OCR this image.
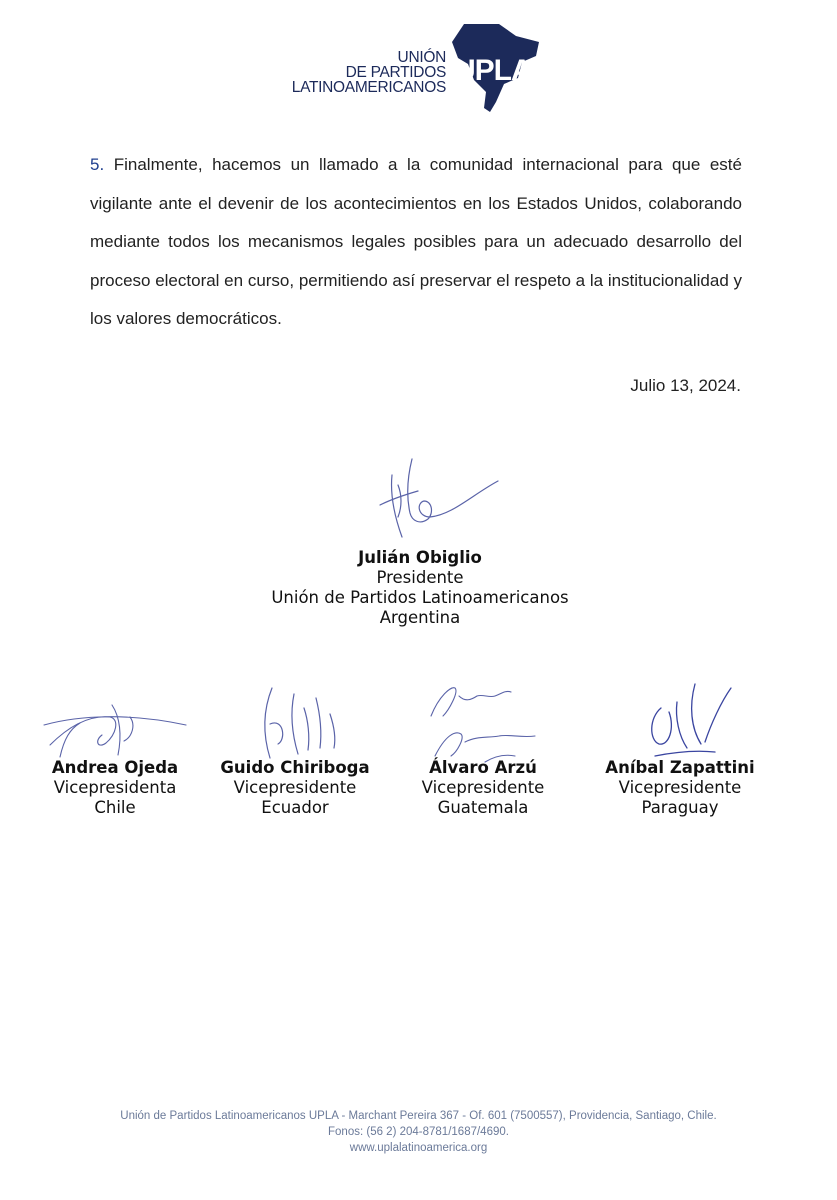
UNIÓN
DE PARTIDOS
LATINOAMERICANOS
UPLA
5. Finalmente, hacemos un llamado a la comunidad internacional para que esté vigilante ante el devenir de los acontecimientos en los Estados Unidos, colaborando mediante todos los mecanismos legales posibles para un adecuado desarrollo del proceso electoral en curso, permitiendo así preservar el respeto a la institucionalidad y los valores democráticos.
Julio 13, 2024.
Julián Obiglio
Presidente
Unión de Partidos Latinoamericanos
Argentina
Andrea Ojeda
Vicepresidenta
Chile
Guido Chiriboga
Vicepresidente
Ecuador
Álvaro Arzú
Vicepresidente
Guatemala
Aníbal Zapattini
Vicepresidente
Paraguay
Unión de Partidos Latinoamericanos UPLA - Marchant Pereira 367 - Of. 601 (7500557), Providencia, Santiago, Chile.
Fonos: (56 2) 204-8781/1687/4690.
www.uplalatinoamerica.org
